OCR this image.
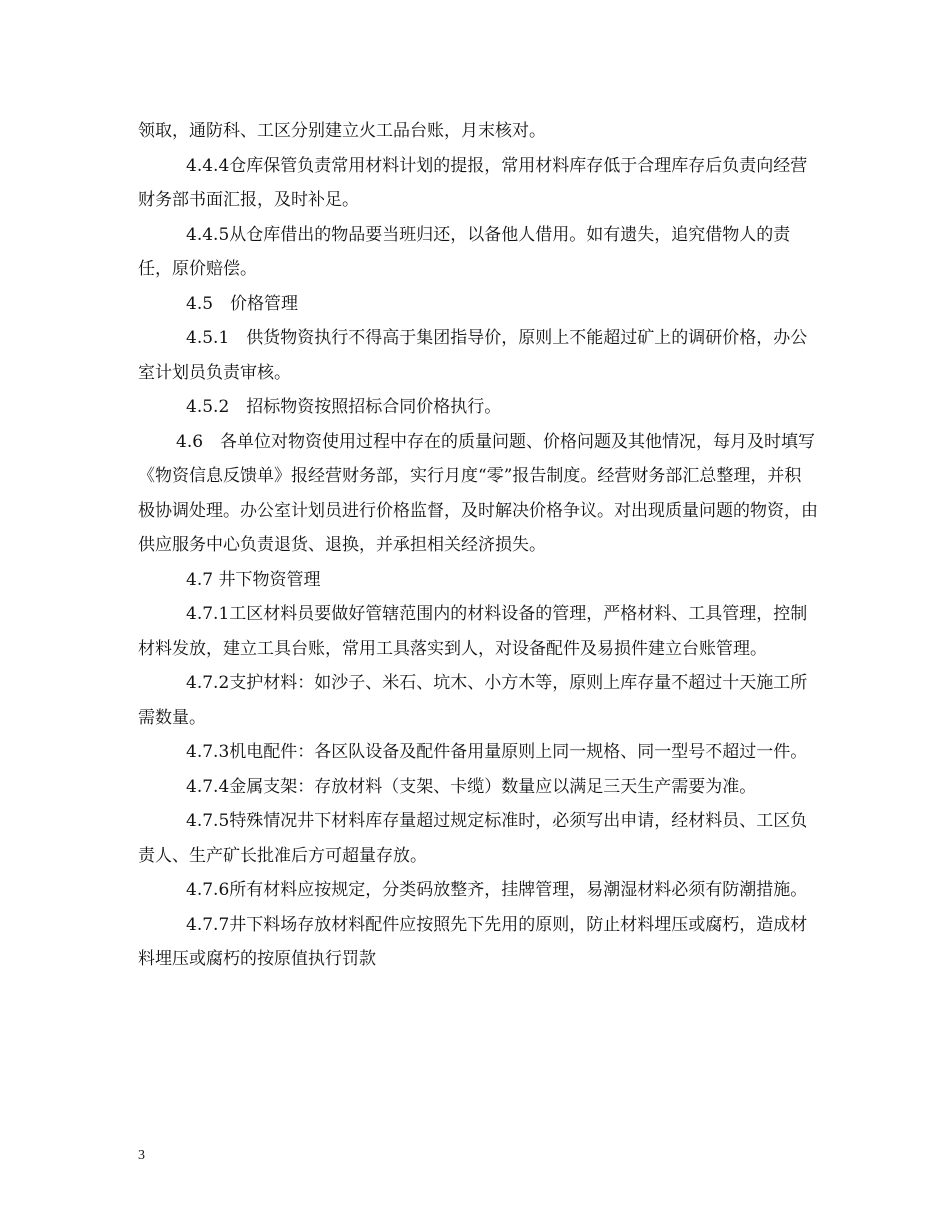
领取，通防科、工区分别建立火工品台账，月末核对。

4.4.4仓库保管负责常用材料计划的提报，常用材料库存低于合理库存后负责向经营财务部书面汇报，及时补足。

4.4.5从仓库借出的物品要当班归还，以备他人借用。如有遗失，追究借物人的责任，原价赔偿。

4.5　价格管理

4.5.1　供货物资执行不得高于集团指导价，原则上不能超过矿上的调研价格，办公室计划员负责审核。

4.5.2　招标物资按照招标合同价格执行。

4.6　各单位对物资使用过程中存在的质量问题、价格问题及其他情况，每月及时填写《物资信息反馈单》报经营财务部，实行月度“零”报告制度。经营财务部汇总整理，并积极协调处理。办公室计划员进行价格监督，及时解决价格争议。对出现质量问题的物资，由供应服务中心负责退货、退换，并承担相关经济损失。

4.7 井下物资管理

4.7.1工区材料员要做好管辖范围内的材料设备的管理，严格材料、工具管理，控制材料发放，建立工具台账，常用工具落实到人，对设备配件及易损件建立台账管理。

4.7.2支护材料：如沙子、米石、坑木、小方木等，原则上库存量不超过十天施工所需数量。

4.7.3机电配件：各区队设备及配件备用量原则上同一规格、同一型号不超过一件。

4.7.4金属支架：存放材料（支架、卡缆）数量应以满足三天生产需要为准。

4.7.5特殊情况井下材料库存量超过规定标准时，必须写出申请，经材料员、工区负责人、生产矿长批准后方可超量存放。

4.7.6所有材料应按规定，分类码放整齐，挂牌管理，易潮湿材料必须有防潮措施。

4.7.7井下料场存放材料配件应按照先下先用的原则，防止材料埋压或腐朽，造成材料埋压或腐朽的按原值执行罚款

3
